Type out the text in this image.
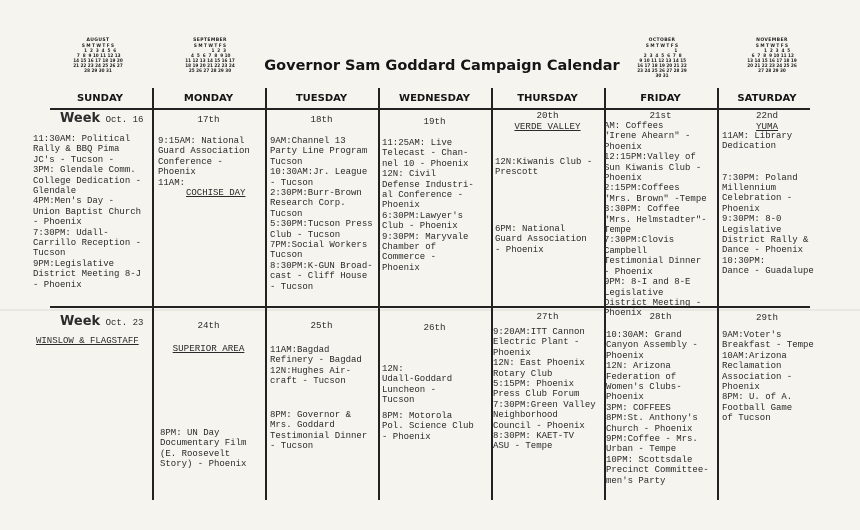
AUGUST
S M T W T F S
1  2  3  4  5  6
7  8  9 10 11 12 13
14 15 16 17 18 19 20
21 22 23 24 25 26 27
28 29 30 31
SEPTEMBER
S M T W T F S
1  2  3
4  5  6  7  8  9 10
11 12 13 14 15 16 17
18 19 20 21 22 23 24
25 26 27 28 29 30
OCTOBER
S M T W T F S
1
2  3  4  5  6  7  8
9 10 11 12 13 14 15
16 17 18 19 20 21 22
23 24 25 26 27 28 29
30 31
NOVEMBER
S M T W T F S
1  2  3  4  5
6  7  8  9 10 11 12
13 14 15 16 17 18 19
20 21 22 23 24 25 26
27 28 29 30
Governor Sam Goddard Campaign Calendar
SUNDAY	MONDAY	TUESDAY	WEDNESDAY	THURSDAY	FRIDAY	SATURDAY
Week Oct. 16
11:30AM: Political
Rally & BBQ Pima
JC's - Tucson -
3PM: Glendale Comm.
College Dedication -
Glendale
4PM:Men's Day -
Union Baptist Church
- Phoenix
7:30PM: Udall-
Carrillo Reception -
Tucson
9PM:Legislative
District Meeting 8-J
- Phoenix
17th
9:15AM: National
Guard Association
Conference -
Phoenix
11AM:
COCHISE DAY
18th
9AM:Channel 13
Party Line Program
Tucson
10:30AM:Jr. League
- Tucson
2:30PM:Burr-Brown
Research Corp.
Tucson
5:30PM:Tucson Press
Club - Tucson
7PM:Social Workers
Tucson
8:30PM:K-GUN Broad-
cast - Cliff House
- Tucson
19th
11:25AM: Live
Telecast - Chan-
nel 10 - Phoenix
12N: Civil
Defense Industri-
al Conference -
Phoenix
6:30PM:Lawyer's
Club - Phoenix
9:30PM: Maryvale
Chamber of
Commerce -
Phoenix
20th
VERDE VALLEY
12N:Kiwanis Club -
Prescott
6PM: National
Guard Association
- Phoenix
21st
AM: Coffees
"Irene Ahearn" -
Phoenix
12:15PM:Valley of
Sun Kiwanis Club -
Phoenix
2:15PM:Coffees
"Mrs. Brown" -Tempe
3:30PM: Coffee
"Mrs. Helmstadter"-
Tempe
7:30PM:Clovis
Campbell
Testimonial Dinner
- Phoenix
9PM: 8-I and 8-E
Legislative
District Meeting -
Phoenix
22nd
YUMA
11AM: Library
Dedication

7:30PM: Poland
Millennium
Celebration -
Phoenix
9:30PM: 8-0
Legislative
District Rally &
Dance - Phoenix
10:30PM:
Dance - Guadalupe
Week Oct. 23
WINSLOW & FLAGSTAFF
24th
SUPERIOR AREA
8PM: UN Day
Documentary Film
(E. Roosevelt
Story) - Phoenix
25th
11AM:Bagdad
Refinery - Bagdad
12N:Hughes Air-
craft - Tucson
8PM: Governor &
Mrs. Goddard
Testimonial Dinner
- Tucson
26th
12N:
Udall-Goddard
Luncheon -
Tucson
8PM: Motorola
Pol. Science Club
- Phoenix
27th
9:20AM:ITT Cannon
Electric Plant -
Phoenix
12N: East Phoenix
Rotary Club
5:15PM: Phoenix
Press Club Forum
7:30PM:Green Valley
Neighborhood
Council - Phoenix
8:30PM: KAET-TV
ASU - Tempe
28th
10:30AM: Grand
Canyon Assembly -
Phoenix
12N: Arizona
Federation of
Women's Clubs-
Phoenix
3PM: COFFEES
8PM:St. Anthony's
Church - Phoenix
9PM:Coffee - Mrs.
Urban - Tempe
10PM: Scottsdale
Precinct Committee-
men's Party
29th
9AM:Voter's
Breakfast - Tempe
10AM:Arizona
Reclamation
Association -
Phoenix
8PM: U. of A.
Football Game
of Tucson
